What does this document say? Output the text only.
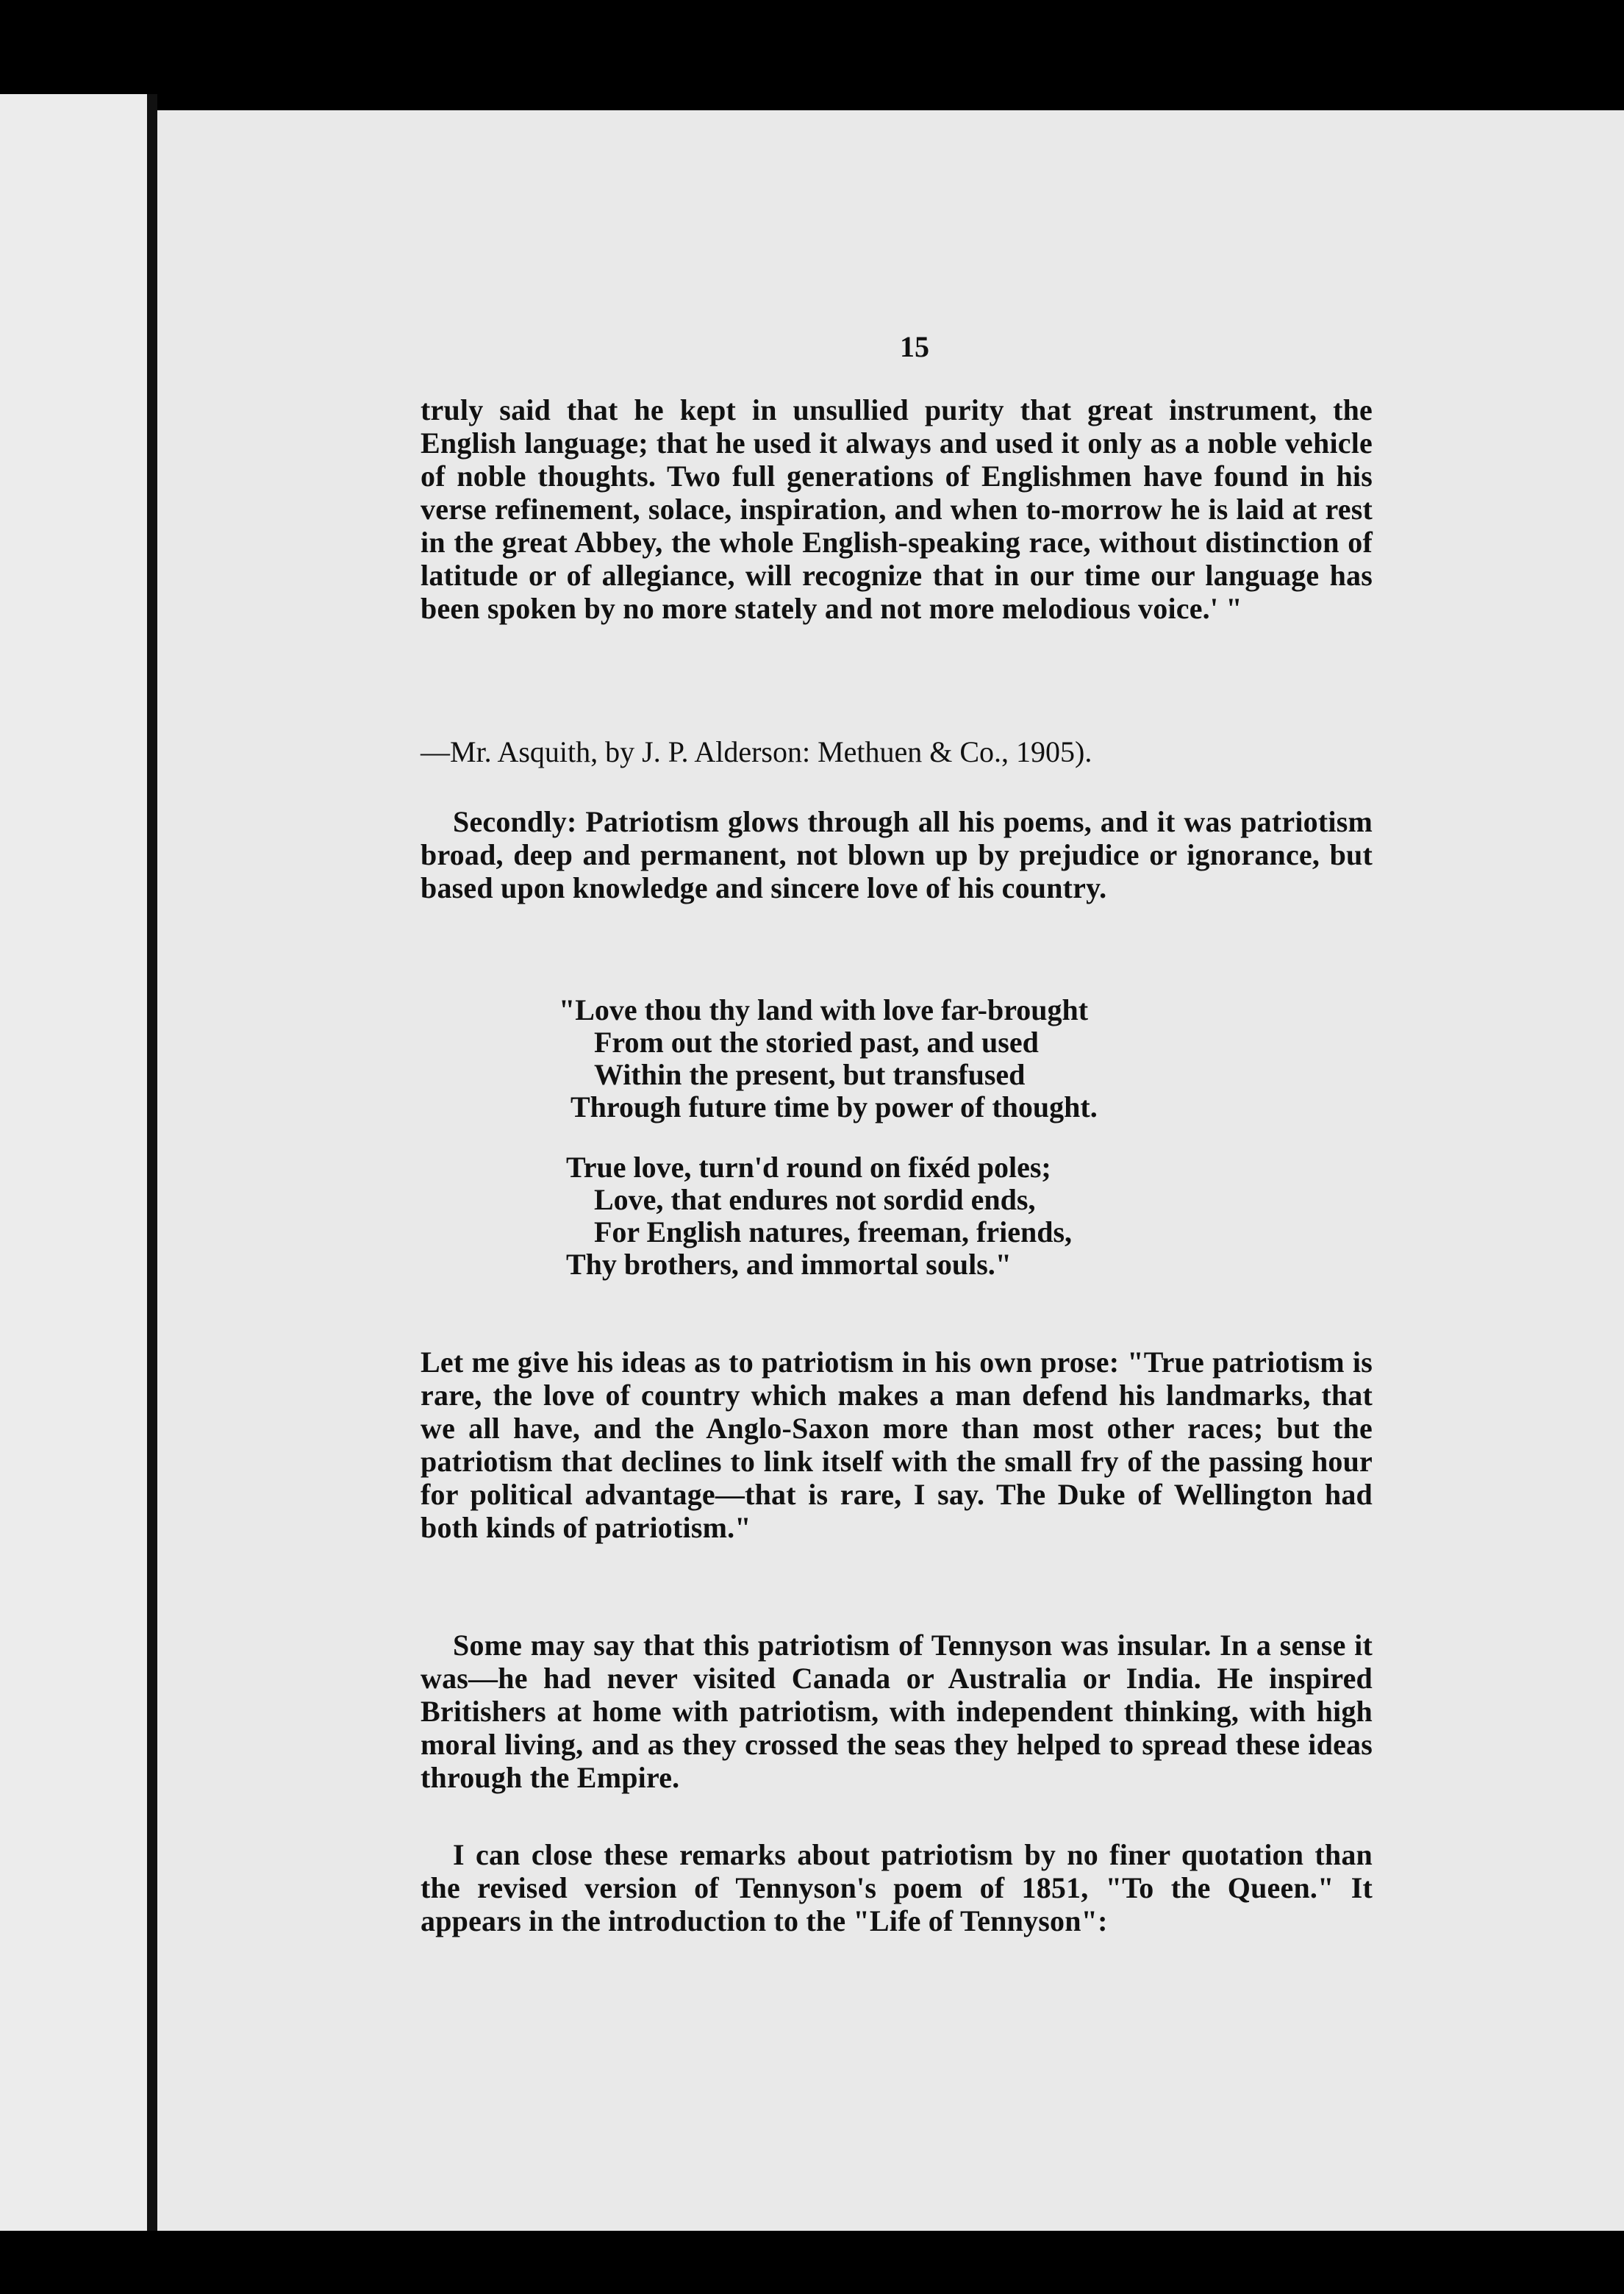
15
truly said that he kept in unsullied purity that great instrument, the English language; that he used it always and used it only as a noble vehicle of noble thoughts. Two full generations of Englishmen have found in his verse refinement, solace, inspiration, and when to-morrow he is laid at rest in the great Abbey, the whole English-speaking race, without distinction of latitude or of allegiance, will recognize that in our time our language has been spoken by no more stately and not more melodious voice.' "
—Mr. Asquith, by J. P. Alderson: Methuen & Co., 1905).
Secondly: Patriotism glows through all his poems, and it was patriotism broad, deep and permanent, not blown up by prejudice or ignorance, but based upon knowledge and sincere love of his country.
"Love thou thy land with love far-brought
From out the storied past, and used
Within the present, but transfused
Through future time by power of thought.
True love, turn'd round on fixéd poles;
Love, that endures not sordid ends,
For English natures, freeman, friends,
Thy brothers, and immortal souls."
Let me give his ideas as to patriotism in his own prose: "True patriotism is rare, the love of country which makes a man defend his landmarks, that we all have, and the Anglo-Saxon more than most other races; but the patriotism that declines to link itself with the small fry of the passing hour for political advantage—that is rare, I say. The Duke of Wellington had both kinds of patriotism."
Some may say that this patriotism of Tennyson was insular. In a sense it was—he had never visited Canada or Australia or India. He inspired Britishers at home with patriotism, with independent thinking, with high moral living, and as they crossed the seas they helped to spread these ideas through the Empire.
I can close these remarks about patriotism by no finer quotation than the revised version of Tennyson's poem of 1851, "To the Queen." It appears in the introduction to the "Life of Tennyson":
